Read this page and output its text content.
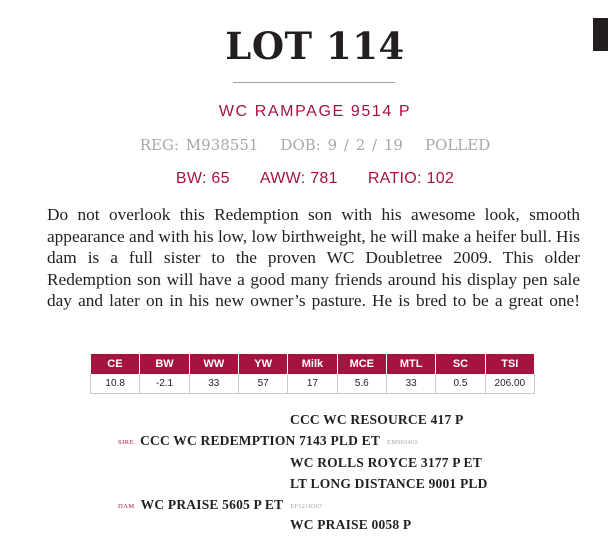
LOT 114
WC RAMPAGE 9514 P
REG: M938551 DOB: 9 / 2 / 19 POLLED
BW: 65 AWW: 781 RATIO: 102

Do not overlook this Redemption son with his awesome look, smooth appearance and with his low, low birthweight, he will make a heifer bull. His dam is a full sister to the proven WC Doubletree 2009. This older Redemption son will have a good many friends around his display pen sale day and later on in his new owner’s pasture. He is bred to be a great one!

CE	BW	WW	YW	Milk	MCE	MTL	SC	TSI
10.8	-2.1	33	57	17	5.6	33	0.5	206.00
CCC WC RESOURCE 417 P
SIRE CCC WC REDEMPTION 7143 PLD ET EM993465
WC ROLLS ROYCE 3177 P ET
LT LONG DISTANCE 9001 PLD
DAM WC PRAISE 5605 P ET EF1218367
WC PRAISE 0058 P
